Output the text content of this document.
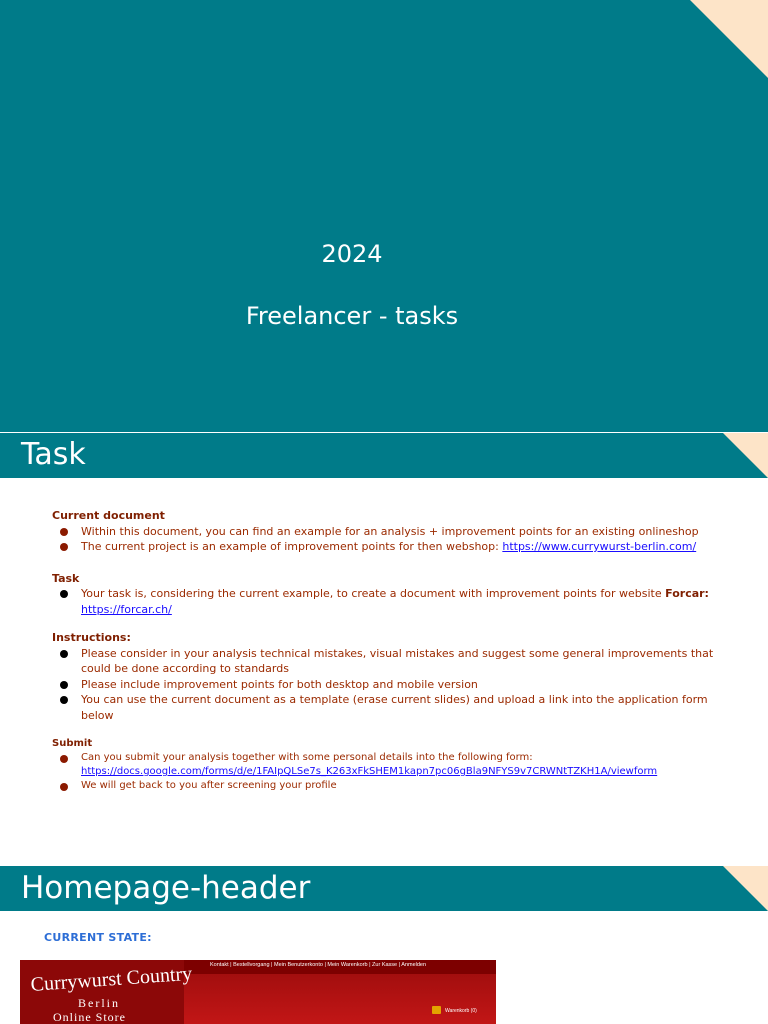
2024
Freelancer - tasks
Task
Current document
Within this document, you can find an example for an analysis + improvement points for an existing onlineshop
The current project is an example of improvement points for then webshop: https://www.currywurst-berlin.com/
Task
Your task is, considering the current example, to create a document with improvement points for website Forcar:
https://forcar.ch/
Instructions:
Please consider in your analysis technical mistakes, visual mistakes and suggest some general improvements that could be done according to standards
Please include improvement points for both desktop and mobile version
You can use the current document as a template (erase current slides) and upload a link into the application form below
Submit
Can you submit your analysis together with some personal details into the following form:
https://docs.google.com/forms/d/e/1FAIpQLSe7s_K263xFkSHEM1kapn7pc06gBla9NFYS9v7CRWNtTZKH1A/viewform
We will get back to you after screening your profile
Homepage-header
CURRENT STATE:
Kontakt | Bestellvorgang | Mein Benutzerkonto | Mein Warenkorb | Zur Kasse | Anmelden
Currywurst Country
Berlin
Online Store	Warenkorb (0)
